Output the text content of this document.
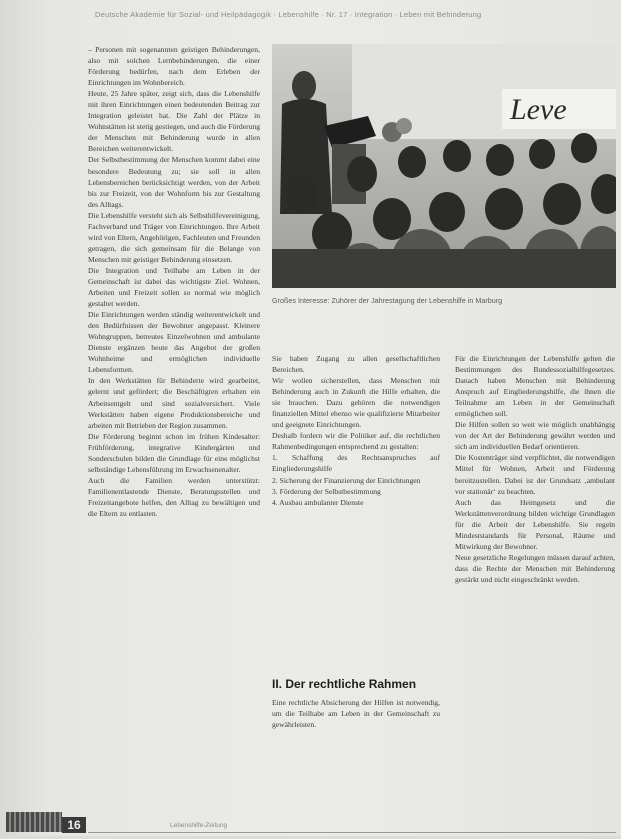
Deutsche Akademie für Sozial- und Heilpädagogik · Lebenshilfe · Nr. 17 · Integration · Leben mit Behinderung

– Personen mit sogenannten geistigen Behinderungen, also mit solchen Lernbehinderungen, die einer Förderung bedürfen, nach dem Erleben der Einrichtungen im Wohnbereich.

Heute, 25 Jahre später, zeigt sich, dass die Lebenshilfe mit ihren Einrichtungen einen bedeutenden Beitrag zur Integration geleistet hat. Die Zahl der Plätze in Wohnstätten ist stetig gestiegen, und auch die Förderung der Menschen mit Behinderung wurde in allen Bereichen weiterentwickelt.

Der Selbstbestimmung der Menschen kommt dabei eine besondere Bedeutung zu; sie soll in allen Lebensbereichen berücksichtigt werden, von der Arbeit bis zur Freizeit, von der Wohnform bis zur Gestaltung des Alltags.

Die Lebenshilfe versteht sich als Selbsthilfevereinigung, Fachverband und Träger von Einrichtungen. Ihre Arbeit wird von Eltern, Angehörigen, Fachleuten und Freunden getragen, die sich gemeinsam für die Belange von Menschen mit geistiger Behinderung einsetzen.

Die Integration und Teilhabe am Leben in der Gemeinschaft ist dabei das wichtigste Ziel. Wohnen, Arbeiten und Freizeit sollen so normal wie möglich gestaltet werden.

Die Einrichtungen werden ständig weiterentwickelt und den Bedürfnissen der Bewohner angepasst. Kleinere Wohngruppen, betreutes Einzelwohnen und ambulante Dienste ergänzen heute das Angebot der großen Wohnheime und ermöglichen individuelle Lebensformen.

In den Werkstätten für Behinderte wird gearbeitet, gelernt und gefördert; die Beschäftigten erhalten ein Arbeitsentgelt und sind sozialversichert. Viele Werkstätten haben eigene Produktionsbereiche und arbeiten mit Betrieben der Region zusammen.

Die Förderung beginnt schon im frühen Kindesalter: Frühförderung, integrative Kindergärten und Sonderschulen bilden die Grundlage für eine möglichst selbständige Lebensführung im Erwachsenenalter.

Auch die Familien werden unterstützt: Familienentlastende Dienste, Beratungsstellen und Freizeitangebote helfen, den Alltag zu bewältigen und die Eltern zu entlasten.

Leve
Großes Interesse: Zuhörer der Jahrestagung der Lebenshilfe in Marburg

Sie haben Zugang zu allen gesellschaftlichen Bereichen.

Wir wollen sicherstellen, dass Menschen mit Behinderung auch in Zukunft die Hilfe erhalten, die sie brauchen. Dazu gehören die notwendigen finanziellen Mittel ebenso wie qualifizierte Mitarbeiter und geeignete Einrichtungen.

Deshalb fordern wir die Politiker auf, die rechtlichen Rahmenbedingungen entsprechend zu gestalten:

1. Schaffung des Rechtsanspruches auf Eingliederungshilfe
2. Sicherung der Finanzierung der Einrichtungen
3. Förderung der Selbstbestimmung
4. Ausbau ambulanter Dienste
II. Der rechtliche Rahmen

Eine rechtliche Absicherung der Hilfen ist notwendig, um die Teilhabe am Leben in der Gemeinschaft zu gewährleisten.

Für die Einrichtungen der Lebenshilfe gelten die Bestimmungen des Bundessozialhilfegesetzes. Danach haben Menschen mit Behinderung Anspruch auf Eingliederungshilfe, die ihnen die Teilnahme am Leben in der Gemeinschaft ermöglichen soll.

Die Hilfen sollen so weit wie möglich unabhängig von der Art der Behinderung gewährt werden und sich am individuellen Bedarf orientieren.

Die Kostenträger sind verpflichtet, die notwendigen Mittel für Wohnen, Arbeit und Förderung bereitzustellen. Dabei ist der Grundsatz ‚ambulant vor stationär‘ zu beachten.

Auch das Heimgesetz und die Werkstättenverordnung bilden wichtige Grundlagen für die Arbeit der Lebenshilfe. Sie regeln Mindeststandards für Personal, Räume und Mitwirkung der Bewohner.

Neue gesetzliche Regelungen müssen darauf achten, dass die Rechte der Menschen mit Behinderung gestärkt und nicht eingeschränkt werden.

16	Lebenshilfe-Zeitung
